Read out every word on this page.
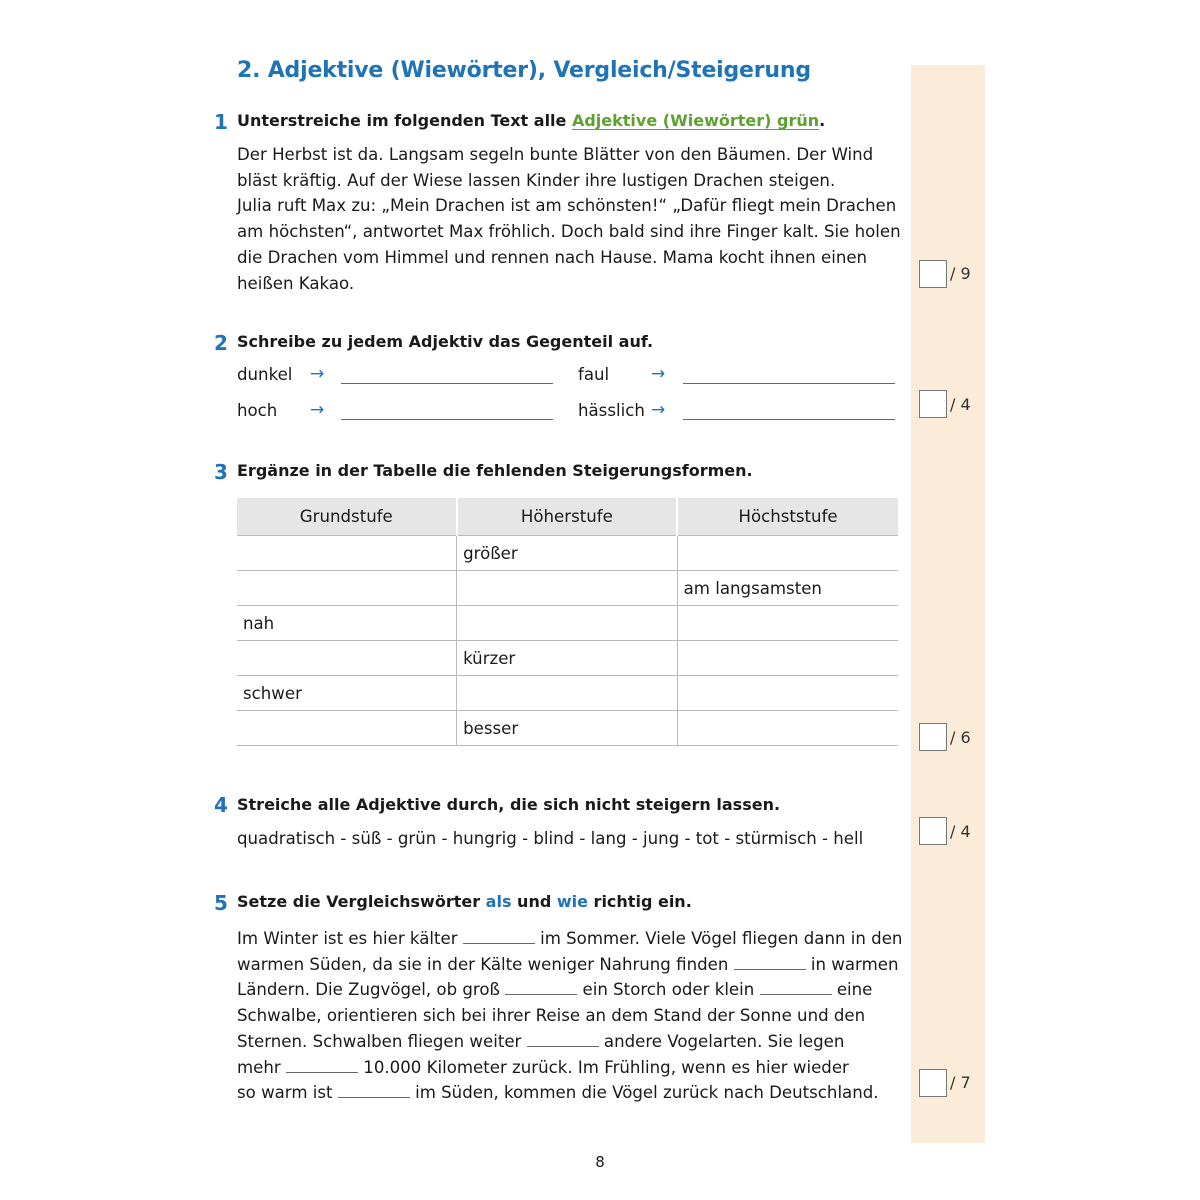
2. Adjektive (Wiewörter), Vergleich/Steigerung
1 Unterstreiche im folgenden Text alle Adjektive (Wiewörter) grün.
Der Herbst ist da. Langsam segeln bunte Blätter von den Bäumen. Der Wind
bläst kräftig. Auf der Wiese lassen Kinder ihre lustigen Drachen steigen.
Julia ruft Max zu: „Mein Drachen ist am schönsten!“ „Dafür fliegt mein Drachen
am höchsten“, antwortet Max fröhlich. Doch bald sind ihre Finger kalt. Sie holen
die Drachen vom Himmel und rennen nach Hause. Mama kocht ihnen einen
heißen Kakao.
/ 9
2 Schreibe zu jedem Adjektiv das Gegenteil auf.
dunkel →	faul →
hoch →	hässlich →	/ 4
3 Ergänze in der Tabelle die fehlenden Steigerungsformen.
Grundstufe	Höherstufe	Höchststufe
	größer	
		am langsamsten
nah		
	kürzer	
schwer		
	besser		/ 6
4 Streiche alle Adjektive durch, die sich nicht steigern lassen.
quadratisch - süß - grün - hungrig - blind - lang - jung - tot - stürmisch - hell	/ 4
5 Setze die Vergleichswörter als und wie richtig ein.
Im Winter ist es hier kälter	im Sommer. Viele Vögel fliegen dann in den
warmen Süden, da sie in der Kälte weniger Nahrung finden	in warmen
Ländern. Die Zugvögel, ob groß	ein Storch oder klein	eine
Schwalbe, orientieren sich bei ihrer Reise an dem Stand der Sonne und den
Sternen. Schwalben fliegen weiter	andere Vogelarten. Sie legen
mehr	10.000 Kilometer zurück. Im Frühling, wenn es hier wieder
so warm ist	im Süden, kommen die Vögel zurück nach Deutschland.
/ 7
8
